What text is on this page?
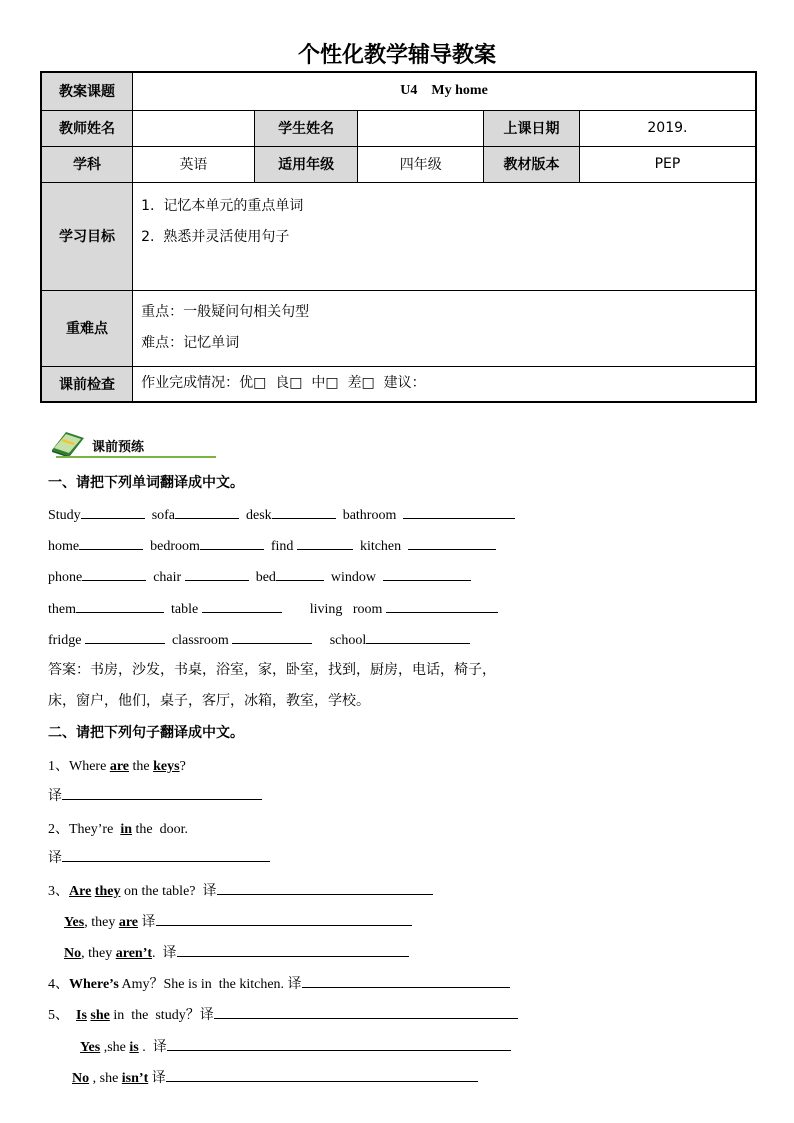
个性化教学辅导教案
教案课题	U4    My home				
教师姓名		学生姓名		上课日期	2019.
学科	英语	适用年级	四年级	教材版本	PEP
学习目标	1.  记忆本单元的重点单词
2.  熟悉并灵活使用句子				

重难点	重点：一般疑问句相关句型
难点：记忆单词				

课前检查	作业完成情况：优□  良□  中□  差□  建议：				
课前预练
一、请把下列单词翻译成中文。
Study	sofa	desk	bathroom
home	bedroom	find	kitchen
phone	chair	bed	window
them	table	living   room
fridge	classroom	school
答案：书房，沙发，书桌，浴室，家，卧室，找到，厨房，电话，椅子，
床，窗户，他们，桌子，客厅，冰箱，教室，学校。
二、请把下列句子翻译成中文。
1、Where are the keys?
译
2、They’re  in the  door.
译
3、Are they on the table?  译
Yes, they are 译
No, they aren’t.  译
4、Where’s Amy？She is in  the kitchen. 译
5、  Is she in  the  study？译
Yes ,she is .  译
No , she isn’t 译
